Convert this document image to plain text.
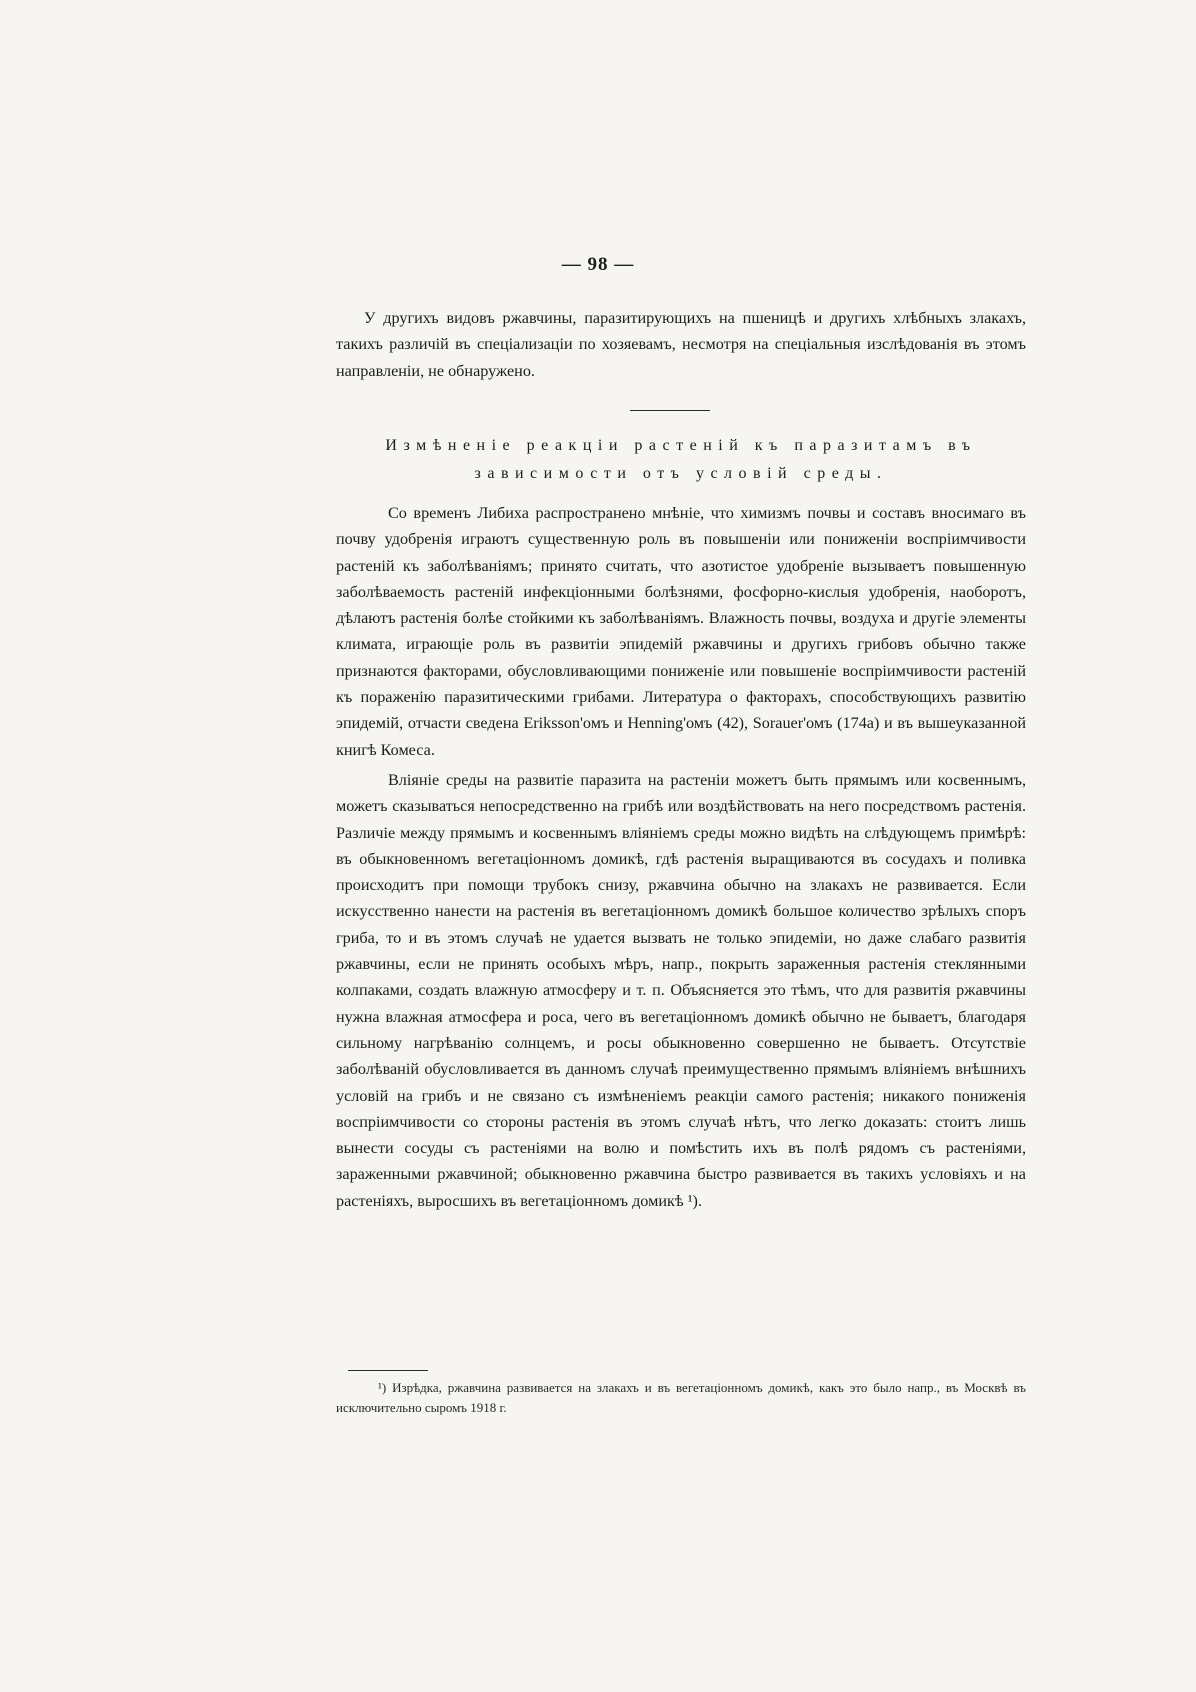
— 98 —

У другихъ видовъ ржавчины, паразитирующихъ на пшеницѣ и другихъ хлѣбныхъ злакахъ, такихъ различій въ спеціализаціи по хозяевамъ, несмотря на спеціальныя изслѣдованія въ этомъ направленіи, не обнаружено.

Измѣненіе реакціи растеній къ паразитамъ въ
зависимости отъ условій среды.

Со временъ Либиха распространено мнѣніе, что химизмъ почвы и составъ вносимаго въ почву удобренія играютъ существенную роль въ повышеніи или пониженіи воспріимчивости растеній къ заболѣваніямъ; принято считать, что азотистое удобреніе вызываетъ повышенную заболѣваемость растеній инфекціонными болѣзнями, фосфорно-кислыя удобренія, наоборотъ, дѣлаютъ растенія болѣе стойкими къ заболѣваніямъ. Влажность почвы, воздуха и другіе элементы климата, играющіе роль въ развитіи эпидемій ржавчины и другихъ грибовъ обычно также признаются факторами, обусловливающими пониженіе или повышеніе воспріимчивости растеній къ пораженію паразитическими грибами. Литература о факторахъ, способствующихъ развитію эпидемій, отчасти сведена Eriksson'омъ и Henning'омъ (42), Sorauer'омъ (174а) и въ вышеуказанной книгѣ Комеса.

Вліяніе среды на развитіе паразита на растеніи можетъ быть прямымъ или косвеннымъ, можетъ сказываться непосредственно на грибѣ или воздѣйствовать на него посредствомъ растенія. Различіе между прямымъ и косвеннымъ вліяніемъ среды можно видѣть на слѣдующемъ примѣрѣ: въ обыкновенномъ вегетаціонномъ домикѣ, гдѣ растенія выращиваются въ сосудахъ и поливка происходитъ при помощи трубокъ снизу, ржавчина обычно на злакахъ не развивается. Если искусственно нанести на растенія въ вегетаціонномъ домикѣ большое количество зрѣлыхъ споръ гриба, то и въ этомъ случаѣ не удается вызвать не только эпидеміи, но даже слабаго развитія ржавчины, если не принять особыхъ мѣръ, напр., покрыть зараженныя растенія стеклянными колпаками, создать влажную атмосферу и т. п. Объясняется это тѣмъ, что для развитія ржавчины нужна влажная атмосфера и роса, чего въ вегетаціонномъ домикѣ обычно не бываетъ, благодаря сильному нагрѣванію солнцемъ, и росы обыкновенно совершенно не бываетъ. Отсутствіе заболѣваній обусловливается въ данномъ случаѣ преимущественно прямымъ вліяніемъ внѣшнихъ условій на грибъ и не связано съ измѣненіемъ реакціи самого растенія; никакого пониженія воспріимчивости со стороны растенія въ этомъ случаѣ нѣтъ, что легко доказать: стоитъ лишь вынести сосуды съ растеніями на волю и помѣстить ихъ въ полѣ рядомъ съ растеніями, зараженными ржавчиной; обыкновенно ржавчина быстро развивается въ такихъ условіяхъ и на растеніяхъ, выросшихъ въ вегетаціонномъ домикѣ ¹).

¹) Изрѣдка, ржавчина развивается на злакахъ и въ вегетаціонномъ домикѣ, какъ это было напр., въ Москвѣ въ исключительно сыромъ 1918 г.
